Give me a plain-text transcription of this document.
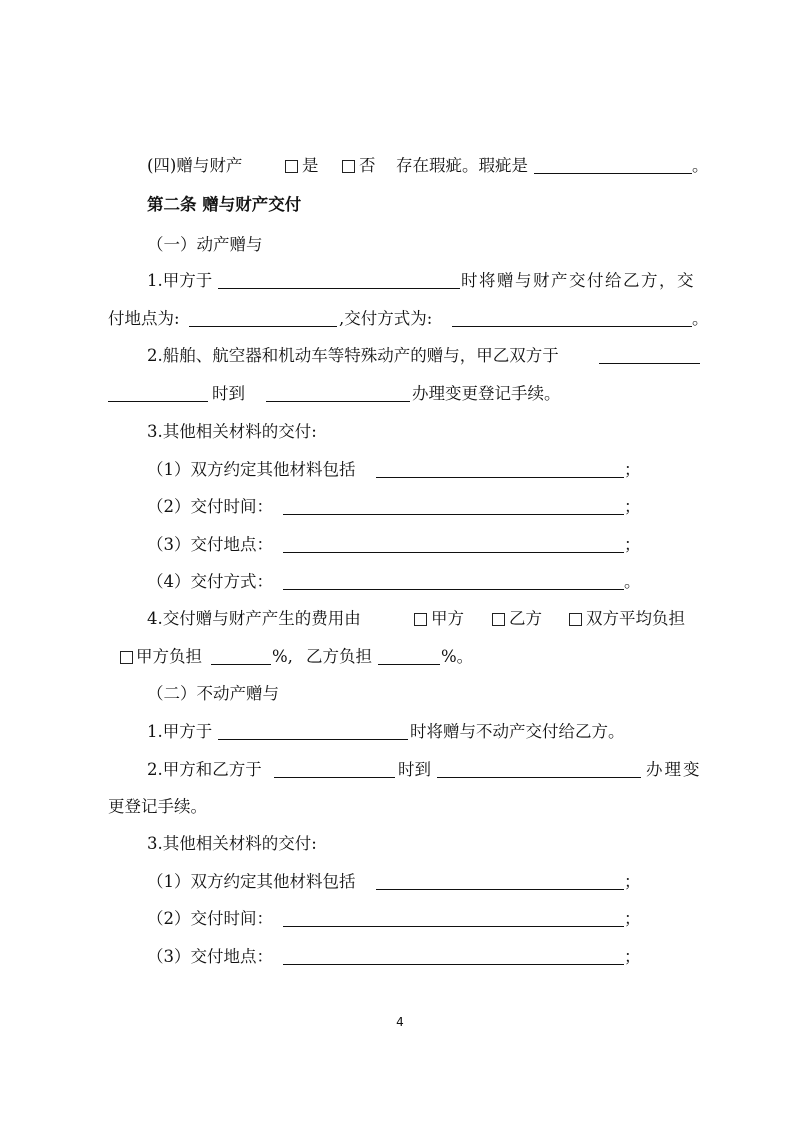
(四)赠与财产	是 否 存在瑕疵。瑕疵是	。
第二条 赠与财产交付
（一）动产赠与
1.甲方于	时将赠与财产交付给乙方，交
付地点为:	,交付方式为:	。
2.船舶、航空器和机动车等特殊动产的赠与，甲乙双方于
时到	办理变更登记手续。
3.其他相关材料的交付:
（1）双方约定其他材料包括	；
（2）交付时间：	；
（3）交付地点：	；
（4）交付方式：	。
4.交付赠与财产产生的费用由	甲方	乙方	双方平均负担
甲方负担	%, 乙方负担	%。
（二）不动产赠与
1.甲方于	时将赠与不动产交付给乙方。
2.甲方和乙方于	时到	办理变
更登记手续。
3.其他相关材料的交付:
（1）双方约定其他材料包括	；
（2）交付时间：	；
（3）交付地点：	；
4
